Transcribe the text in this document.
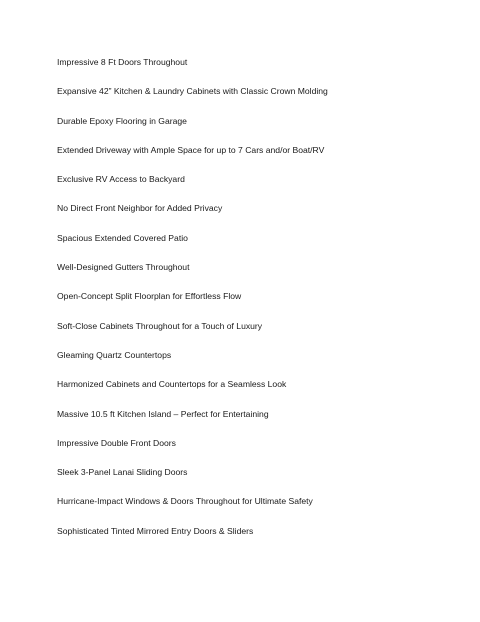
Impressive 8 Ft Doors Throughout
Expansive 42” Kitchen & Laundry Cabinets with Classic Crown Molding
Durable Epoxy Flooring in Garage
Extended Driveway with Ample Space for up to 7 Cars and/or Boat/RV
Exclusive RV Access to Backyard
No Direct Front Neighbor for Added Privacy
Spacious Extended Covered Patio
Well-Designed Gutters Throughout
Open-Concept Split Floorplan for Effortless Flow
Soft-Close Cabinets Throughout for a Touch of Luxury
Gleaming Quartz Countertops
Harmonized Cabinets and Countertops for a Seamless Look
Massive 10.5 ft Kitchen Island – Perfect for Entertaining
Impressive Double Front Doors
Sleek 3-Panel Lanai Sliding Doors
Hurricane-Impact Windows & Doors Throughout for Ultimate Safety
Sophisticated Tinted Mirrored Entry Doors & Sliders
